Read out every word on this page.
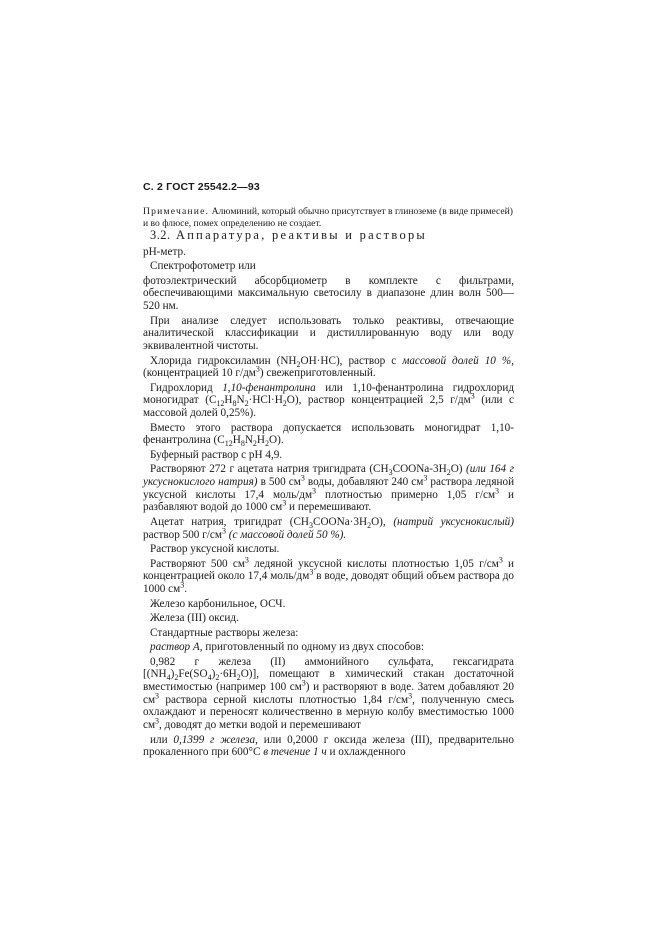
С. 2 ГОСТ 25542.2—93
Примечание. Алюминий, который обычно присутствует в глиноземе (в виде примесей) и во флюсе, помех определению не создает.

3.2. Аппаратура, реактивы и растворы

рН-метр.

Спектрофотометр или

фотоэлектрический абсорбциометр в комплекте с фильтрами, обеспечивающими максимальную светосилу в диапазоне длин волн 500—520 нм.

При анализе следует использовать только реактивы, отвечающие аналитической классификации и дистиллированную воду или воду эквивалентной чистоты.

Хлорида гидроксиламин $(NH_2OH\cdot HC)$, раствор с массовой долей 10 %, (концентрацией 10 $г/дм^3$) свежеприготовленный.

Гидрохлорид 1,10-фенантролина или 1,10-фенантролина гидрохлорид моногидрат $(C_{12}H_8N_2\cdot HCl\cdot H_2O)$, раствор концентрацией 2,5 $г/дм^3$ (или с массовой долей 0,25%).

Вместо этого раствора допускается использовать моногидрат 1,10-фенантролина $(C_{12}H_8N_2H_2O)$.

Буферный раствор с рН 4,9.

Растворяют 272 г ацетата натрия тригидрата $(CH_3COONa-3H_2O)$ (или 164 г уксуснокислого натрия) в 500 $см^3$ воды, добавляют 240 $см^3$ раствора ледяной уксусной кислоты 17,4 моль/$дм^3$ плотностью примерно 1,05 $г/см^3$ и разбавляют водой до 1000 $см^3$ и перемешивают.

Ацетат натрия, тригидрат $(CH_3COONa\cdot 3H_2O)$, (натрий уксуснокислый) раствор 500 $г/см^3$ (с массовой долей 50 %).

Раствор уксусной кислоты.

Растворяют 500 $см^3$ ледяной уксусной кислоты плотностью 1,05 $г/см^3$ и концентрацией около 17,4 моль/$дм^3$ в воде, доводят общий объем раствора до 1000 $см^3$.

Железо карбонильное, ОСЧ.

Железа (III) оксид.

Стандартные растворы железа:

раствор А, приготовленный по одному из двух способов:

0,982 г железа (II) аммонийного сульфата, гексагидрата $[(NH_4)_2Fe(SO_4)_2\cdot 6H_2O)$], помещают в химический стакан достаточной вместимостью (например 100 $см^3$) и растворяют в воде. Затем добавляют 20 $см^3$ раствора серной кислоты плотностью 1,84 $г/см^3$, полученную смесь охлаждают и переносят количественно в мерную колбу вместимостью 1000 $см^3$, доводят до метки водой и перемешивают

или 0,1399 г железа, или 0,2000 г оксида железа (III), предварительно прокаленного при 600°C в течение 1 ч и охлажденного
